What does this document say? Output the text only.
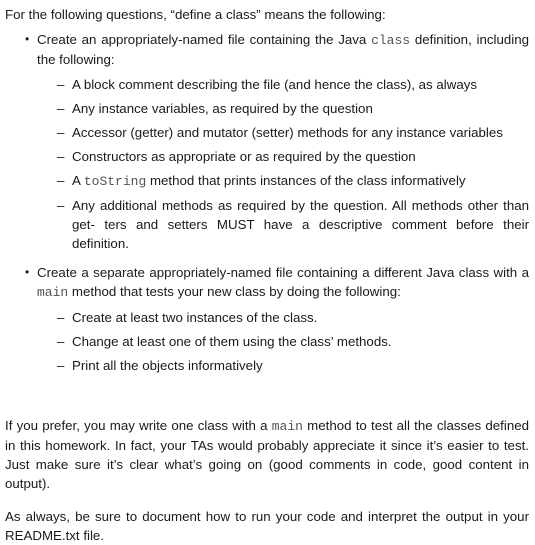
For the following questions, “define a class” means the following:

• Create an appropriately-named file containing the Java class definition, including the following:
– A block comment describing the file (and hence the class), as always
– Any instance variables, as required by the question
– Accessor (getter) and mutator (setter) methods for any instance variables
– Constructors as appropriate or as required by the question
– A toString method that prints instances of the class informatively
– Any additional methods as required by the question. All methods other than get- ters and setters MUST have a descriptive comment before their definition.
• Create a separate appropriately-named file containing a different Java class with a main method that tests your new class by doing the following:
– Create at least two instances of the class.
– Change at least one of them using the class’ methods.
– Print all the objects informatively

If you prefer, you may write one class with a main method to test all the classes defined in this homework. In fact, your TAs would probably appreciate it since it’s easier to test. Just make sure it’s clear what’s going on (good comments in code, good content in output).

As always, be sure to document how to run your code and interpret the output in your README.txt file.
